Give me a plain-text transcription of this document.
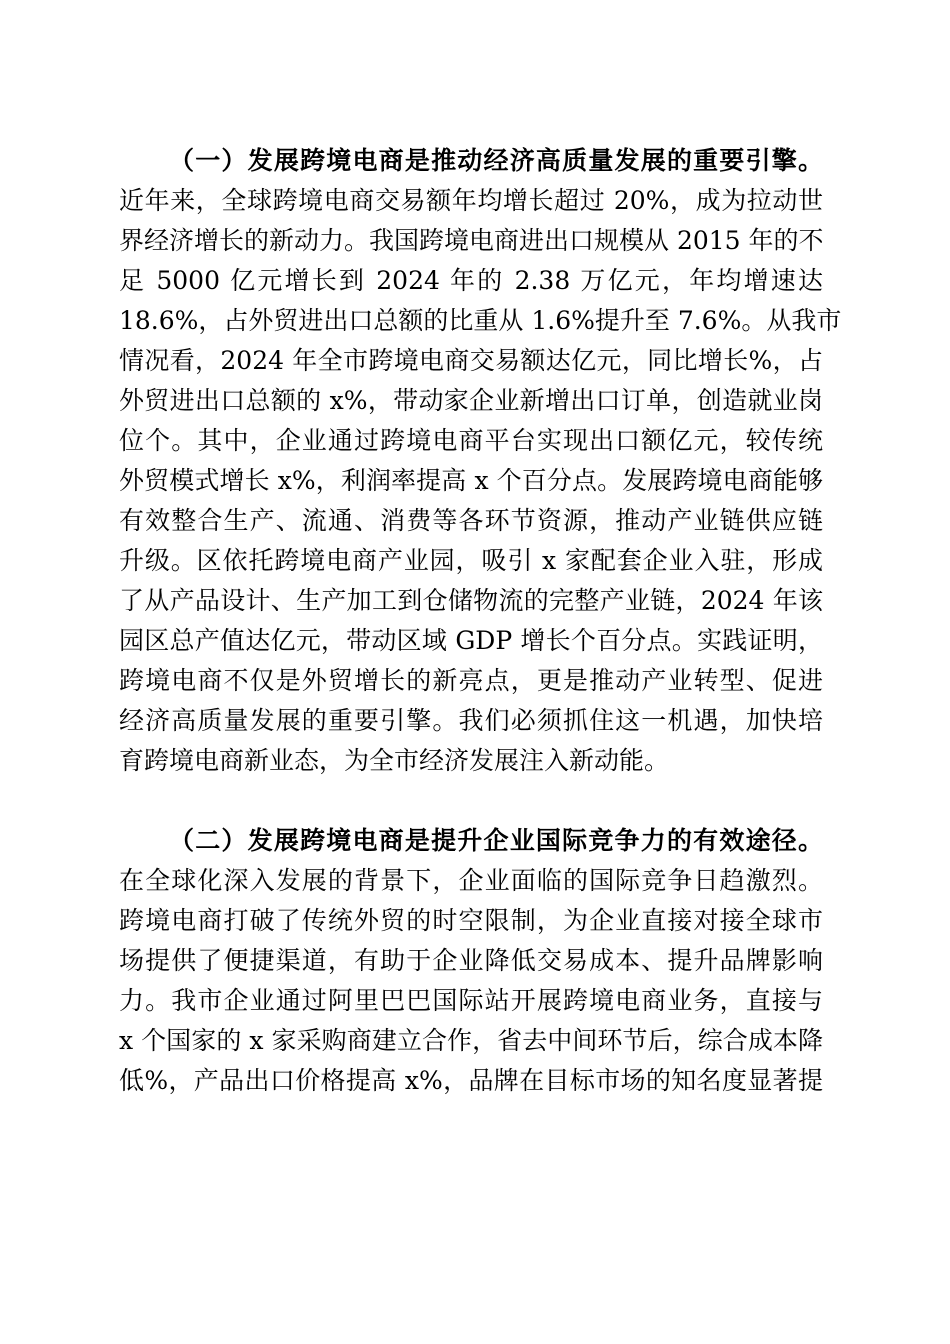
（一）发展跨境电商是推动经济高质量发展的重要引擎。
近年来，全球跨境电商交易额年均增长超过 20%，成为拉动世
界经济增长的新动力。我国跨境电商进出口规模从 2015 年的不
足 5000 亿元增长到 2024 年的 2.38 万亿元，年均增速达
18.6%，占外贸进出口总额的比重从 1.6%提升至 7.6%。从我市
情况看，2024 年全市跨境电商交易额达亿元，同比增长%，占
外贸进出口总额的 x%，带动家企业新增出口订单，创造就业岗
位个。其中，企业通过跨境电商平台实现出口额亿元，较传统
外贸模式增长 x%，利润率提高 x 个百分点。发展跨境电商能够
有效整合生产、流通、消费等各环节资源，推动产业链供应链
升级。区依托跨境电商产业园，吸引 x 家配套企业入驻，形成
了从产品设计、生产加工到仓储物流的完整产业链，2024 年该
园区总产值达亿元，带动区域 GDP 增长个百分点。实践证明，
跨境电商不仅是外贸增长的新亮点，更是推动产业转型、促进
经济高质量发展的重要引擎。我们必须抓住这一机遇，加快培
育跨境电商新业态，为全市经济发展注入新动能。
（二）发展跨境电商是提升企业国际竞争力的有效途径。
在全球化深入发展的背景下，企业面临的国际竞争日趋激烈。
跨境电商打破了传统外贸的时空限制，为企业直接对接全球市
场提供了便捷渠道，有助于企业降低交易成本、提升品牌影响
力。我市企业通过阿里巴巴国际站开展跨境电商业务，直接与
x 个国家的 x 家采购商建立合作，省去中间环节后，综合成本降
低%，产品出口价格提高 x%，品牌在目标市场的知名度显著提
